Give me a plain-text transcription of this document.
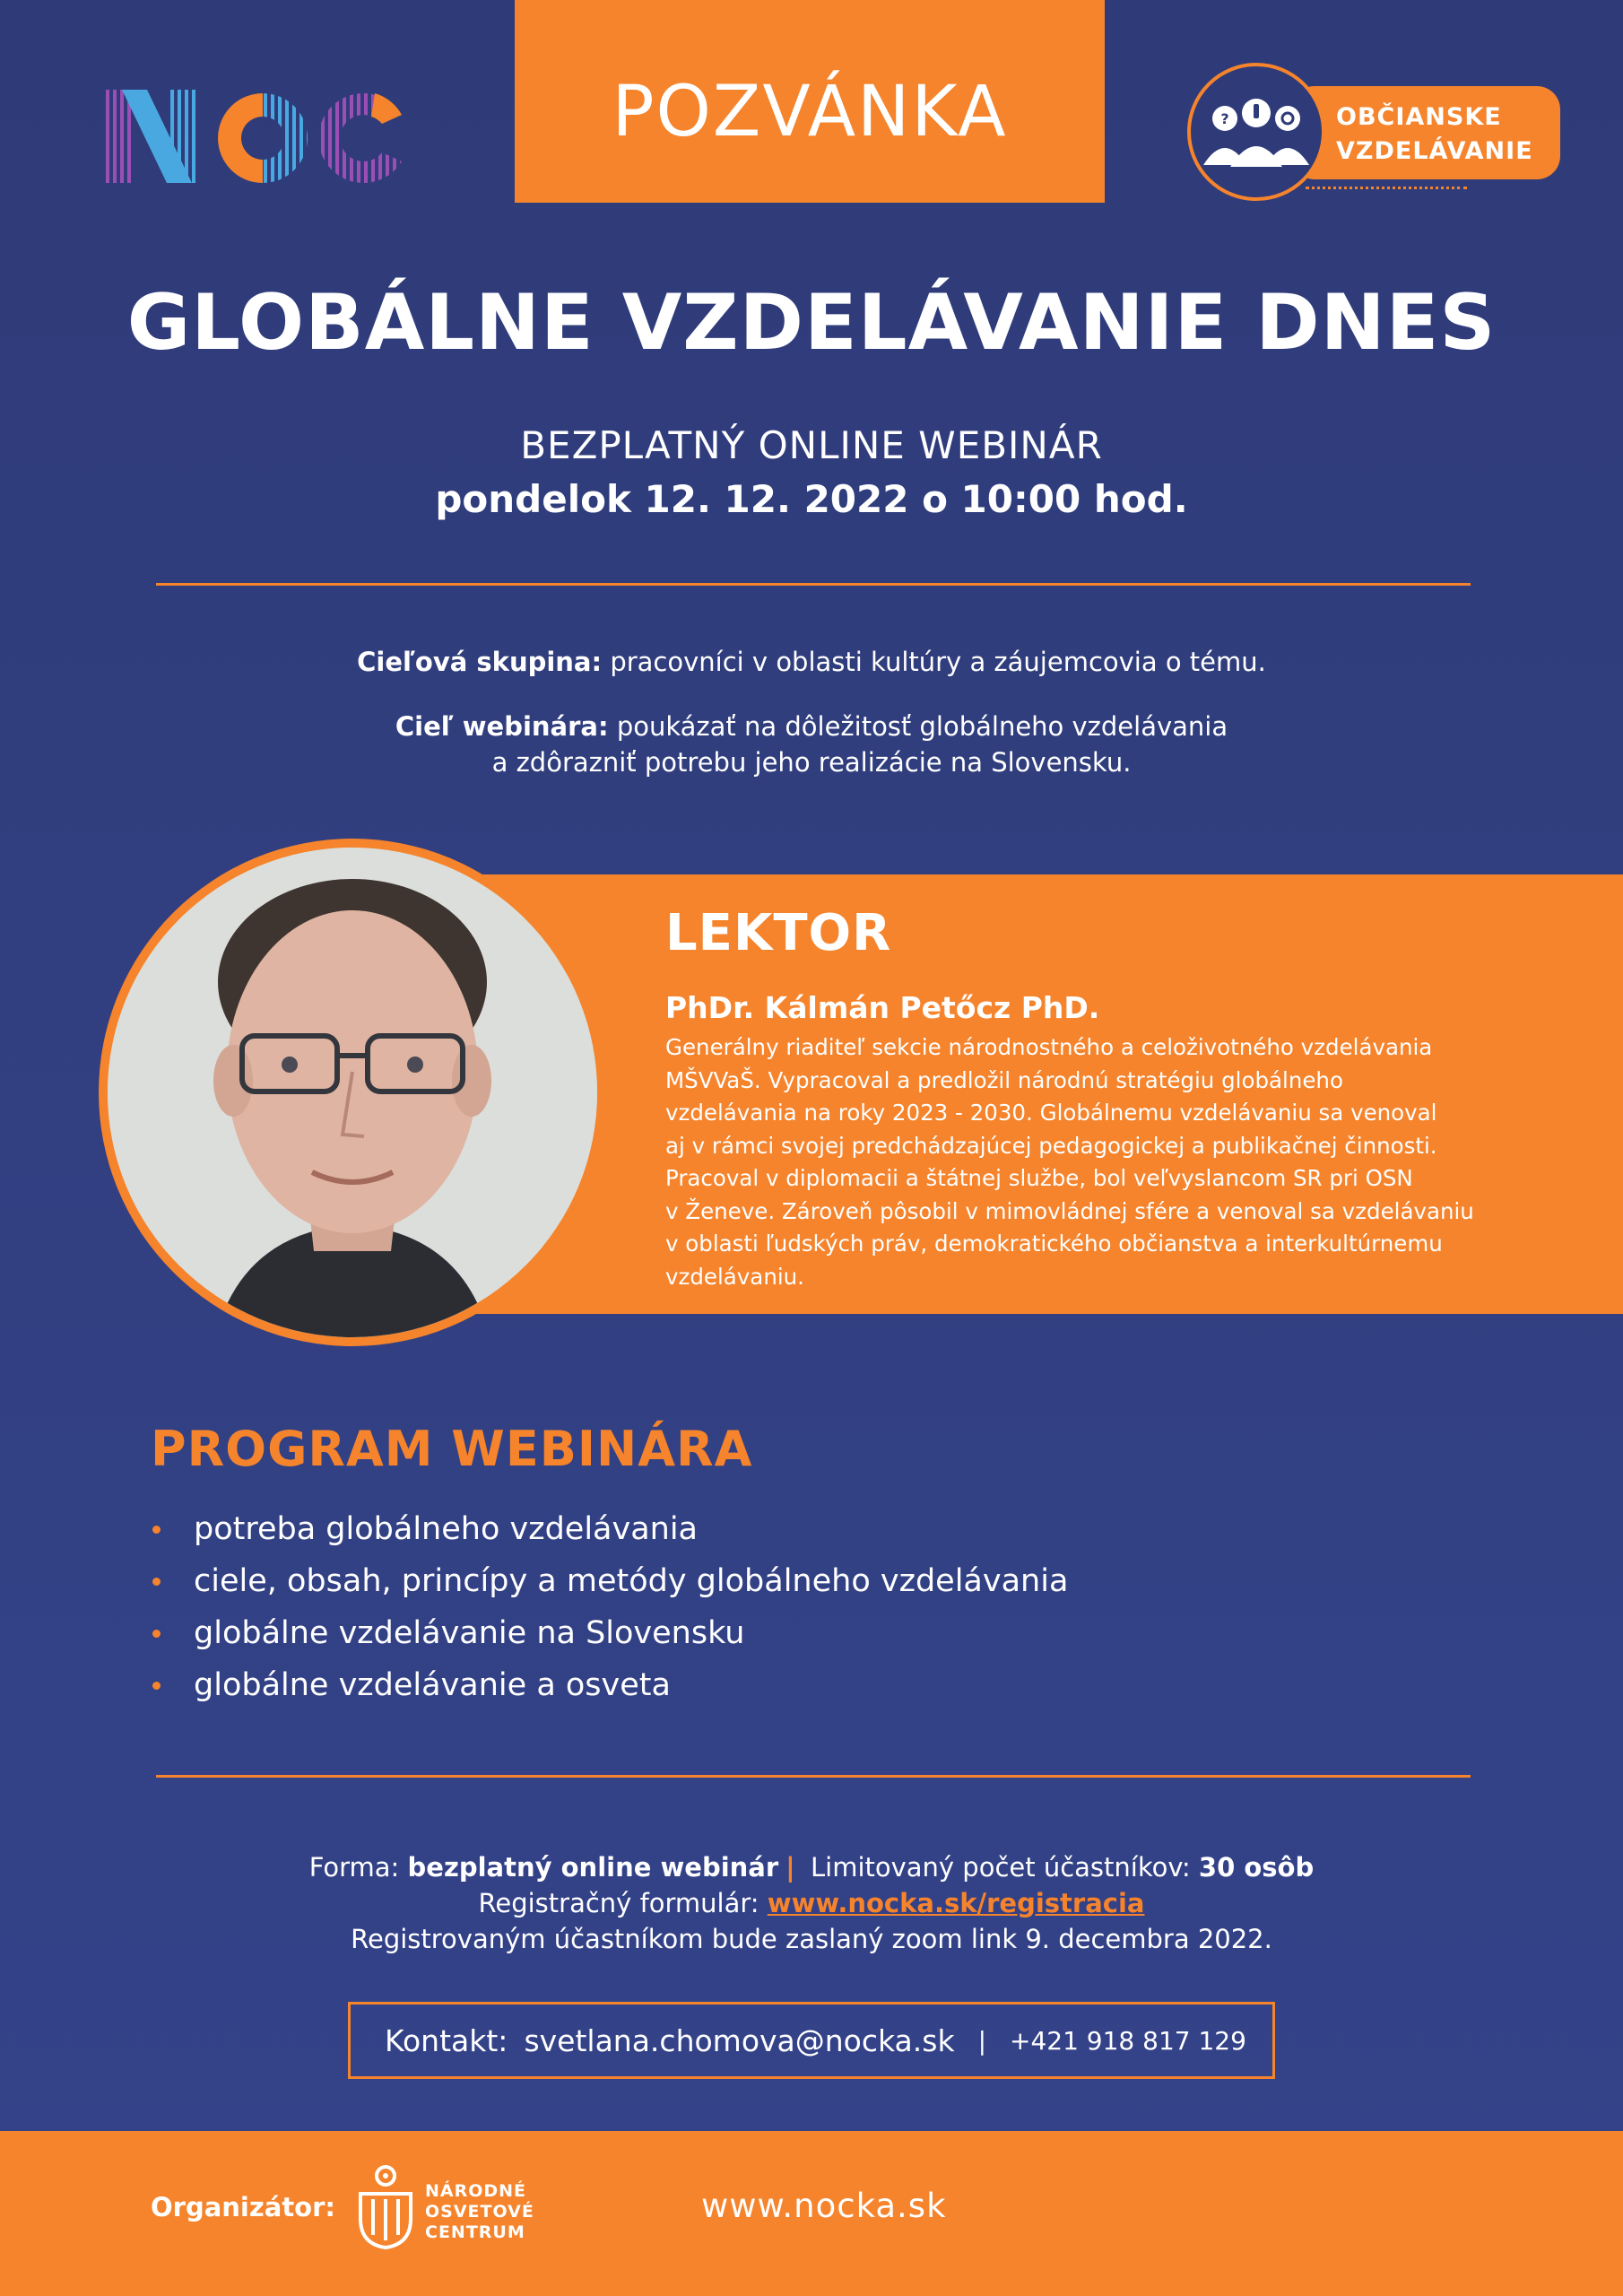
POZVÁNKA	?	OBČIANSKE
VZDELÁVANIE
GLOBÁLNE VZDELÁVANIE DNES
BEZPLATNÝ ONLINE WEBINÁR
pondelok 12. 12. 2022 o 10:00 hod.
Cieľová skupina: pracovníci v oblasti kultúry a záujemcovia o tému.
Cieľ webinára: poukázať na dôležitosť globálneho vzdelávania
a zdôrazniť potrebu jeho realizácie na Slovensku.
LEKTOR
PhDr. Kálmán Petőcz PhD.
Generálny riaditeľ sekcie národnostného a celoživotného vzdelávania
MŠVVaŠ. Vypracoval a predložil národnú stratégiu globálneho
vzdelávania na roky 2023 - 2030. Globálnemu vzdelávaniu sa venoval
aj v rámci svojej predchádzajúcej pedagogickej a publikačnej činnosti.
Pracoval v diplomacii a štátnej službe, bol veľvyslancom SR pri OSN
v Ženeve. Zároveň pôsobil v mimovládnej sfére a venoval sa vzdelávaniu
v oblasti ľudských práv, demokratického občianstva a interkultúrnemu
vzdelávaniu.
PROGRAM WEBINÁRA
potreba globálneho vzdelávania
ciele, obsah, princípy a metódy globálneho vzdelávania
globálne vzdelávanie na Slovensku
globálne vzdelávanie a osveta
Forma: bezplatný online webinár | Limitovaný počet účastníkov: 30 osôb
Registračný formulár: www.nocka.sk/registracia
Registrovaným účastníkom bude zaslaný zoom link 9. decembra 2022.
Kontakt: svetlana.chomova@nocka.sk | +421 918 817 129
Organizátor:
NÁRODNÉ
OSVETOVÉ
CENTRUM
www.nocka.sk
